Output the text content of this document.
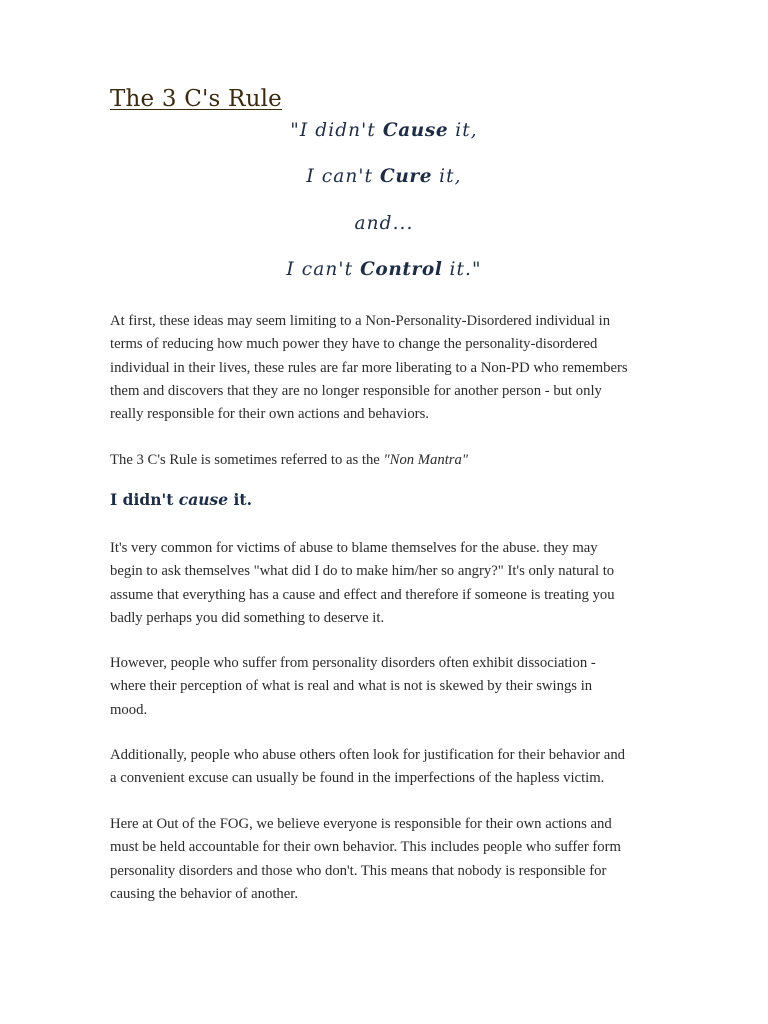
The 3 C's Rule
"I didn't Cause it,
I can't Cure it,
and...
I can't Control it."
At first, these ideas may seem limiting to a Non-Personality-Disordered individual in
terms of reducing how much power they have to change the personality-disordered
individual in their lives, these rules are far more liberating to a Non-PD who remembers
them and discovers that they are no longer responsible for another person - but only
really responsible for their own actions and behaviors.
The 3 C's Rule is sometimes referred to as the "Non Mantra"
I didn't cause it.
It's very common for victims of abuse to blame themselves for the abuse. they may
begin to ask themselves "what did I do to make him/her so angry?" It's only natural to
assume that everything has a cause and effect and therefore if someone is treating you
badly perhaps you did something to deserve it.
However, people who suffer from personality disorders often exhibit dissociation -
where their perception of what is real and what is not is skewed by their swings in
mood.
Additionally, people who abuse others often look for justification for their behavior and
a convenient excuse can usually be found in the imperfections of the hapless victim.
Here at Out of the FOG, we believe everyone is responsible for their own actions and
must be held accountable for their own behavior. This includes people who suffer form
personality disorders and those who don't. This means that nobody is responsible for
causing the behavior of another.
